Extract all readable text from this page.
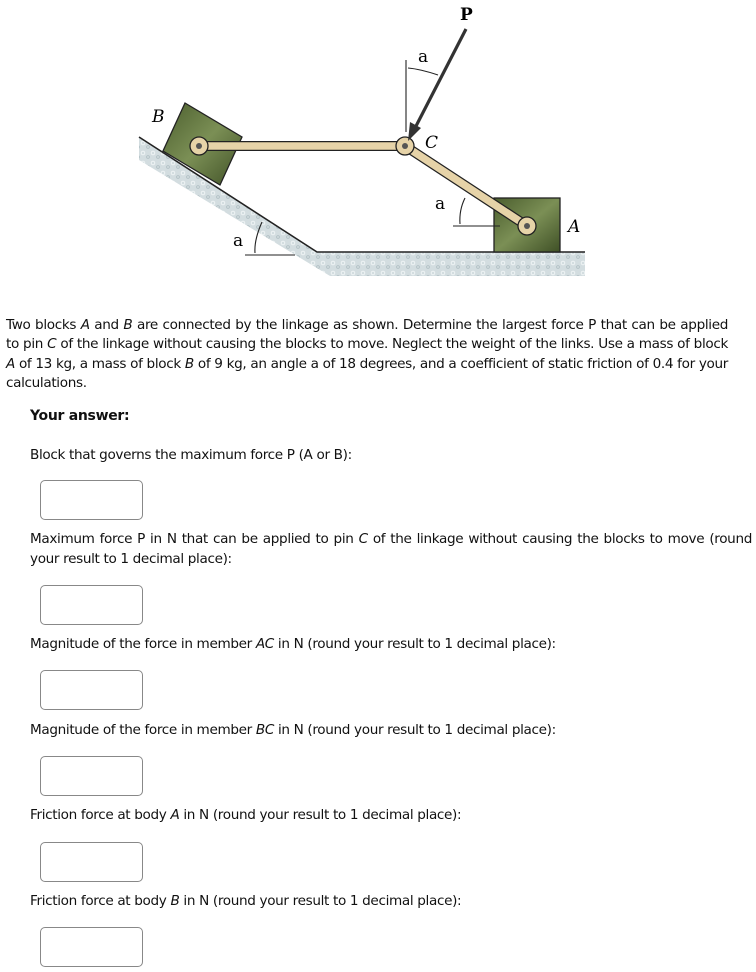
P
a
C
B
A
a
a
Two blocks A and B are connected by the linkage as shown. Determine the largest force P that can be applied to pin C of the linkage without causing the blocks to move. Neglect the weight of the links. Use a mass of block A of 13 kg, a mass of block B of 9 kg, an angle a of 18 degrees, and a coefficient of static friction of 0.4 for your calculations.
Your answer:
Block that governs the maximum force P (A or B):
Maximum force P in N that can be applied to pin C of the linkage without causing the blocks to move (round your result to 1 decimal place):
Magnitude of the force in member AC in N (round your result to 1 decimal place):
Magnitude of the force in member BC in N (round your result to 1 decimal place):
Friction force at body A in N (round your result to 1 decimal place):
Friction force at body B in N (round your result to 1 decimal place):
